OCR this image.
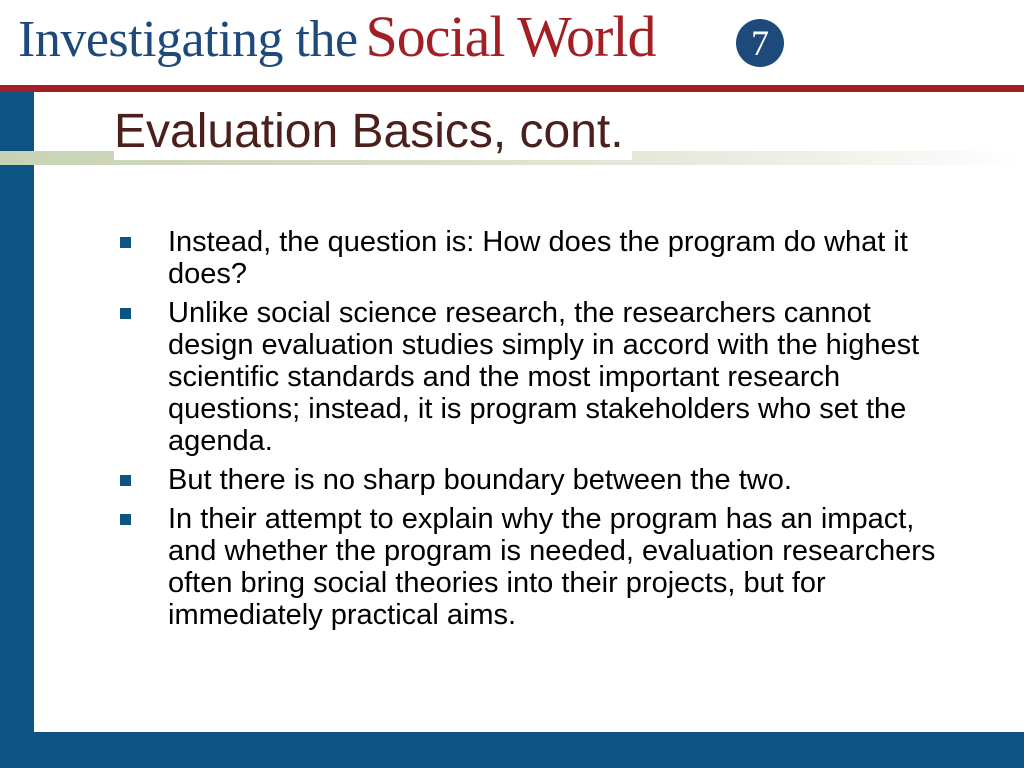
Investigating the Social World	7
Evaluation Basics, cont.
Instead, the question is: How does the program do what it does?
Unlike social science research, the researchers cannot design evaluation studies simply in accord with the highest scientific standards and the most important research questions; instead, it is program stakeholders who set the agenda.
But there is no sharp boundary between the two.
In their attempt to explain why the program has an impact, and whether the program is needed, evaluation researchers often bring social theories into their projects, but for immediately practical aims.
